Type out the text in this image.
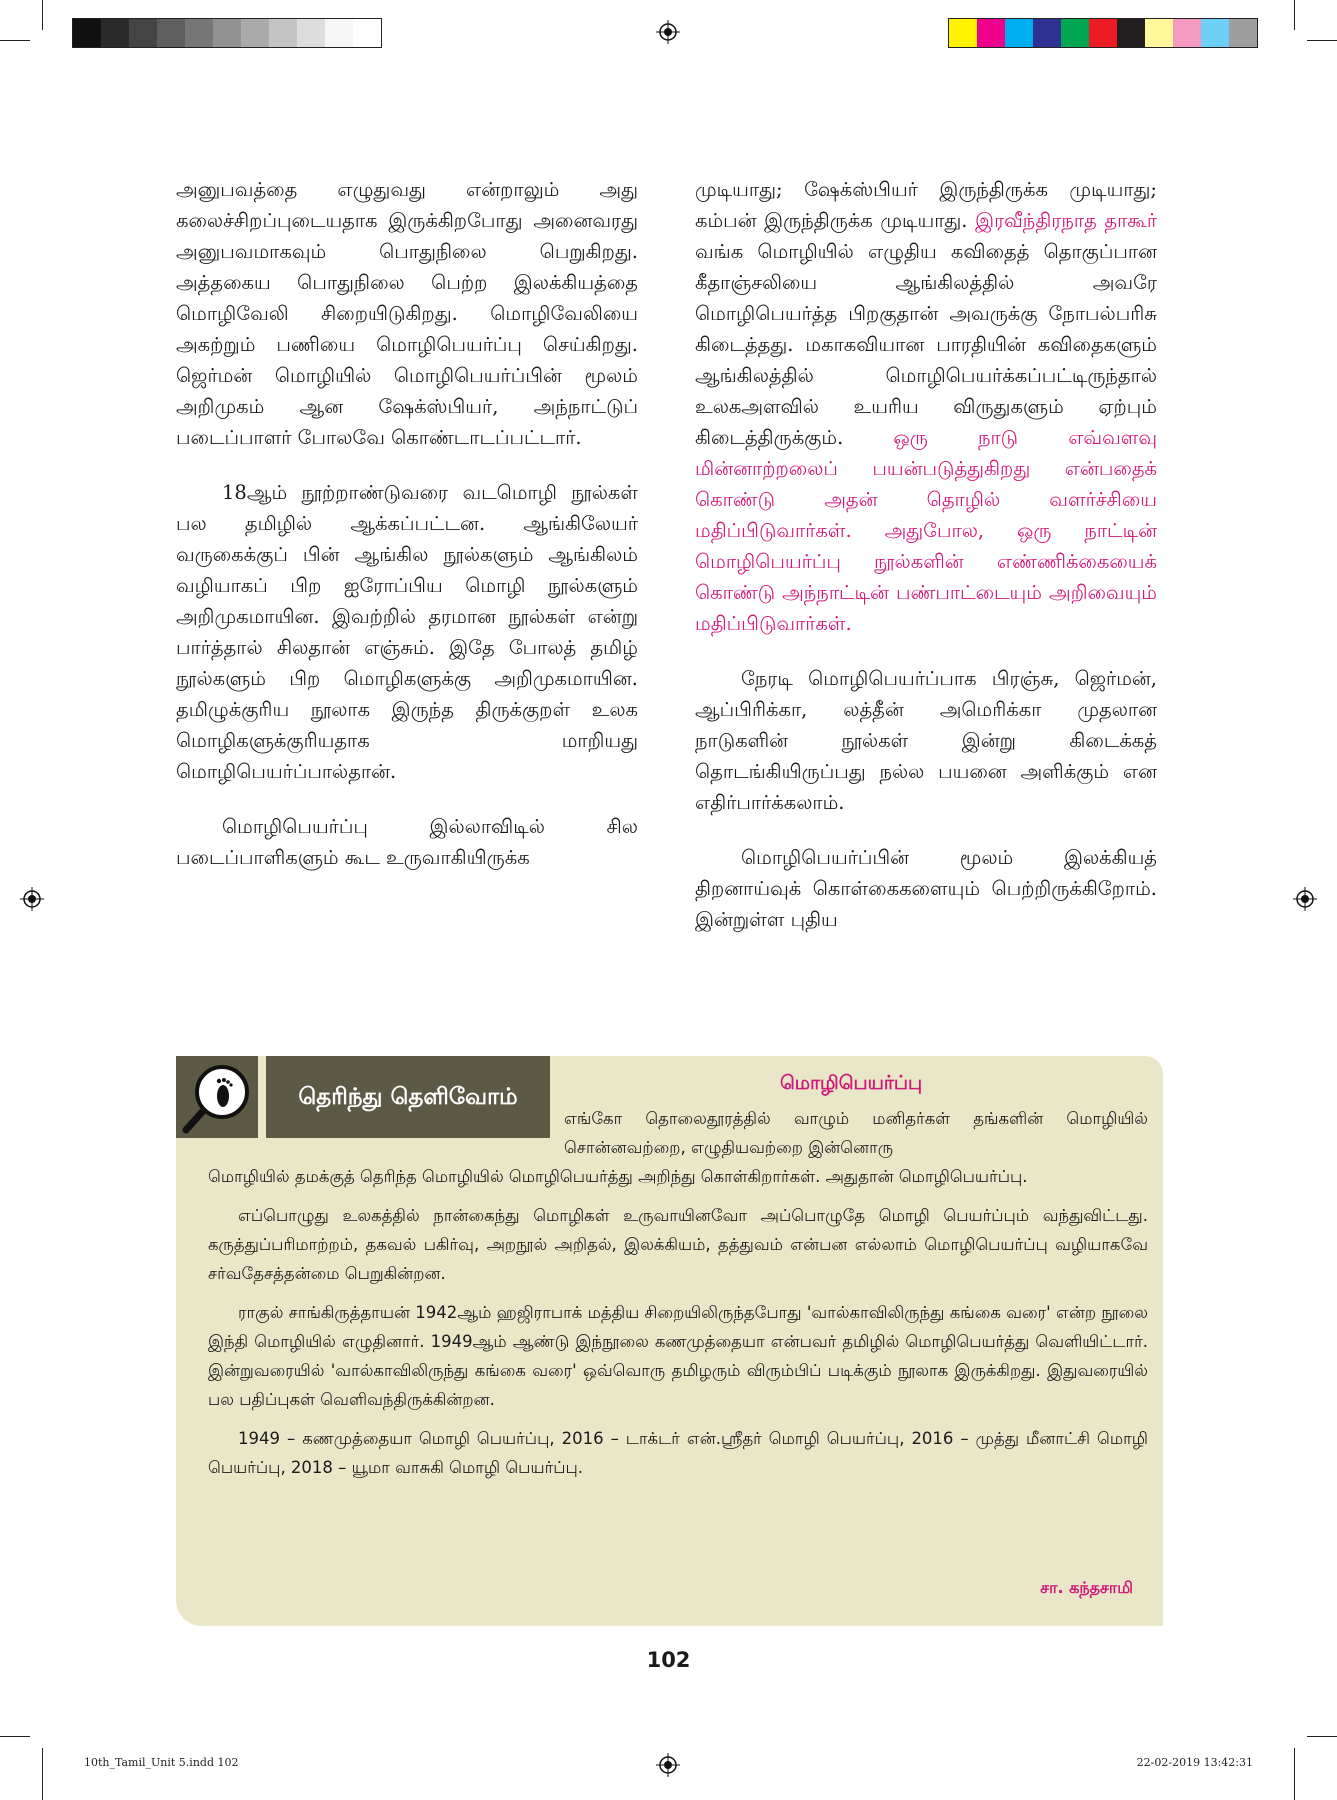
அனுபவத்தை எழுதுவது என்றாலும் அது கலைச்சிறப்புடையதாக இருக்கிறபோது அனைவரது அனுபவமாகவும் பொதுநிலை பெறுகிறது. அத்தகைய பொதுநிலை பெற்ற இலக்கியத்தை மொழிவேலி சிறையிடுகிறது. மொழிவேலியை அகற்றும் பணியை மொழிபெயர்ப்பு செய்கிறது. ஜெர்மன் மொழியில் மொழிபெயர்ப்பின் மூலம் அறிமுகம் ஆன ஷேக்ஸ்பியர், அந்நாட்டுப் படைப்பாளர் போலவே கொண்டாடப்பட்டார்.

18ஆம் நூற்றாண்டுவரை வடமொழி நூல்கள் பல தமிழில் ஆக்கப்பட்டன. ஆங்கிலேயர் வருகைக்குப் பின் ஆங்கில நூல்களும் ஆங்கிலம் வழியாகப் பிற ஐரோப்பிய மொழி நூல்களும் அறிமுகமாயின. இவற்றில் தரமான நூல்கள் என்று பார்த்தால் சிலதான் எஞ்சும். இதே போலத் தமிழ் நூல்களும் பிற மொழிகளுக்கு அறிமுகமாயின. தமிழுக்குரிய நூலாக இருந்த திருக்குறள் உலக மொழிகளுக்குரியதாக மாறியது மொழிபெயர்ப்பால்தான்.

மொழிபெயர்ப்பு இல்லாவிடில் சில படைப்பாளிகளும் கூட உருவாகியிருக்க

முடியாது; ஷேக்ஸ்பியர் இருந்திருக்க முடியாது; கம்பன் இருந்திருக்க முடியாது. இரவீந்திரநாத தாகூர் வங்க மொழியில் எழுதிய கவிதைத் தொகுப்பான கீதாஞ்சலியை ஆங்கிலத்தில் அவரே மொழிபெயர்த்த பிறகுதான் அவருக்கு நோபல்பரிசு கிடைத்தது. மகாகவியான பாரதியின் கவிதைகளும் ஆங்கிலத்தில் மொழிபெயர்க்கப்பட்டிருந்தால் உலகஅளவில் உயரிய விருதுகளும் ஏற்பும் கிடைத்திருக்கும்.	ஒரு நாடு எவ்வளவு மின்னாற்றலைப் பயன்படுத்துகிறது என்பதைக் கொண்டு அதன் தொழில் வளர்ச்சியை மதிப்பிடுவார்கள். அதுபோல, ஒரு நாட்டின் மொழிபெயர்ப்பு நூல்களின் எண்ணிக்கையைக் கொண்டு அந்நாட்டின் பண்பாட்டையும் அறிவையும் மதிப்பிடுவார்கள்.

நேரடி மொழிபெயர்ப்பாக பிரஞ்சு, ஜெர்மன், ஆப்பிரிக்கா, லத்தீன் அமெரிக்கா முதலான நாடுகளின் நூல்கள் இன்று கிடைக்கத் தொடங்கியிருப்பது நல்ல பயனை அளிக்கும் என எதிர்பார்க்கலாம்.

மொழிபெயர்ப்பின் மூலம் இலக்கியத் திறனாய்வுக் கொள்கைகளையும் பெற்றிருக்கிறோம். இன்றுள்ள புதிய

தெரிந்து தெளிவோம்
மொழிபெயர்ப்பு
எங்கோ தொலைதூரத்தில் வாழும் மனிதர்கள் தங்களின் மொழியில் சொன்னவற்றை, எழுதியவற்றை இன்னொரு

மொழியில் தமக்குத் தெரிந்த மொழியில் மொழிபெயர்த்து அறிந்து கொள்கிறார்கள். அதுதான் மொழிபெயர்ப்பு.

எப்பொழுது உலகத்தில் நான்கைந்து மொழிகள் உருவாயினவோ அப்பொழுதே மொழி பெயர்ப்பும் வந்துவிட்டது. கருத்துப்பரிமாற்றம், தகவல் பகிர்வு, அறநூல் அறிதல், இலக்கியம், தத்துவம் என்பன எல்லாம் மொழிபெயர்ப்பு வழியாகவே சர்வதேசத்தன்மை பெறுகின்றன.

ராகுல் சாங்கிருத்தாயன் 1942ஆம் ஹஜிராபாக் மத்திய சிறையிலிருந்தபோது 'வால்காவிலிருந்து கங்கை வரை' என்ற நூலை இந்தி மொழியில் எழுதினார். 1949ஆம் ஆண்டு இந்நூலை கணமுத்தையா என்பவர் தமிழில் மொழிபெயர்த்து வெளியிட்டார். இன்றுவரையில் 'வால்காவிலிருந்து கங்கை வரை' ஒவ்வொரு தமிழரும் விரும்பிப் படிக்கும் நூலாக இருக்கிறது. இதுவரையில் பல பதிப்புகள் வெளிவந்திருக்கின்றன.

1949 – கணமுத்தையா மொழி பெயர்ப்பு, 2016 – டாக்டர் என்.ஸ்ரீதர் மொழி பெயர்ப்பு, 2016 – முத்து மீனாட்சி மொழி பெயர்ப்பு, 2018 – யூமா வாசுகி மொழி பெயர்ப்பு.

சா. கந்தசாமி
102
10th_Tamil_Unit 5.indd 102	22-02-2019 13:42:31
